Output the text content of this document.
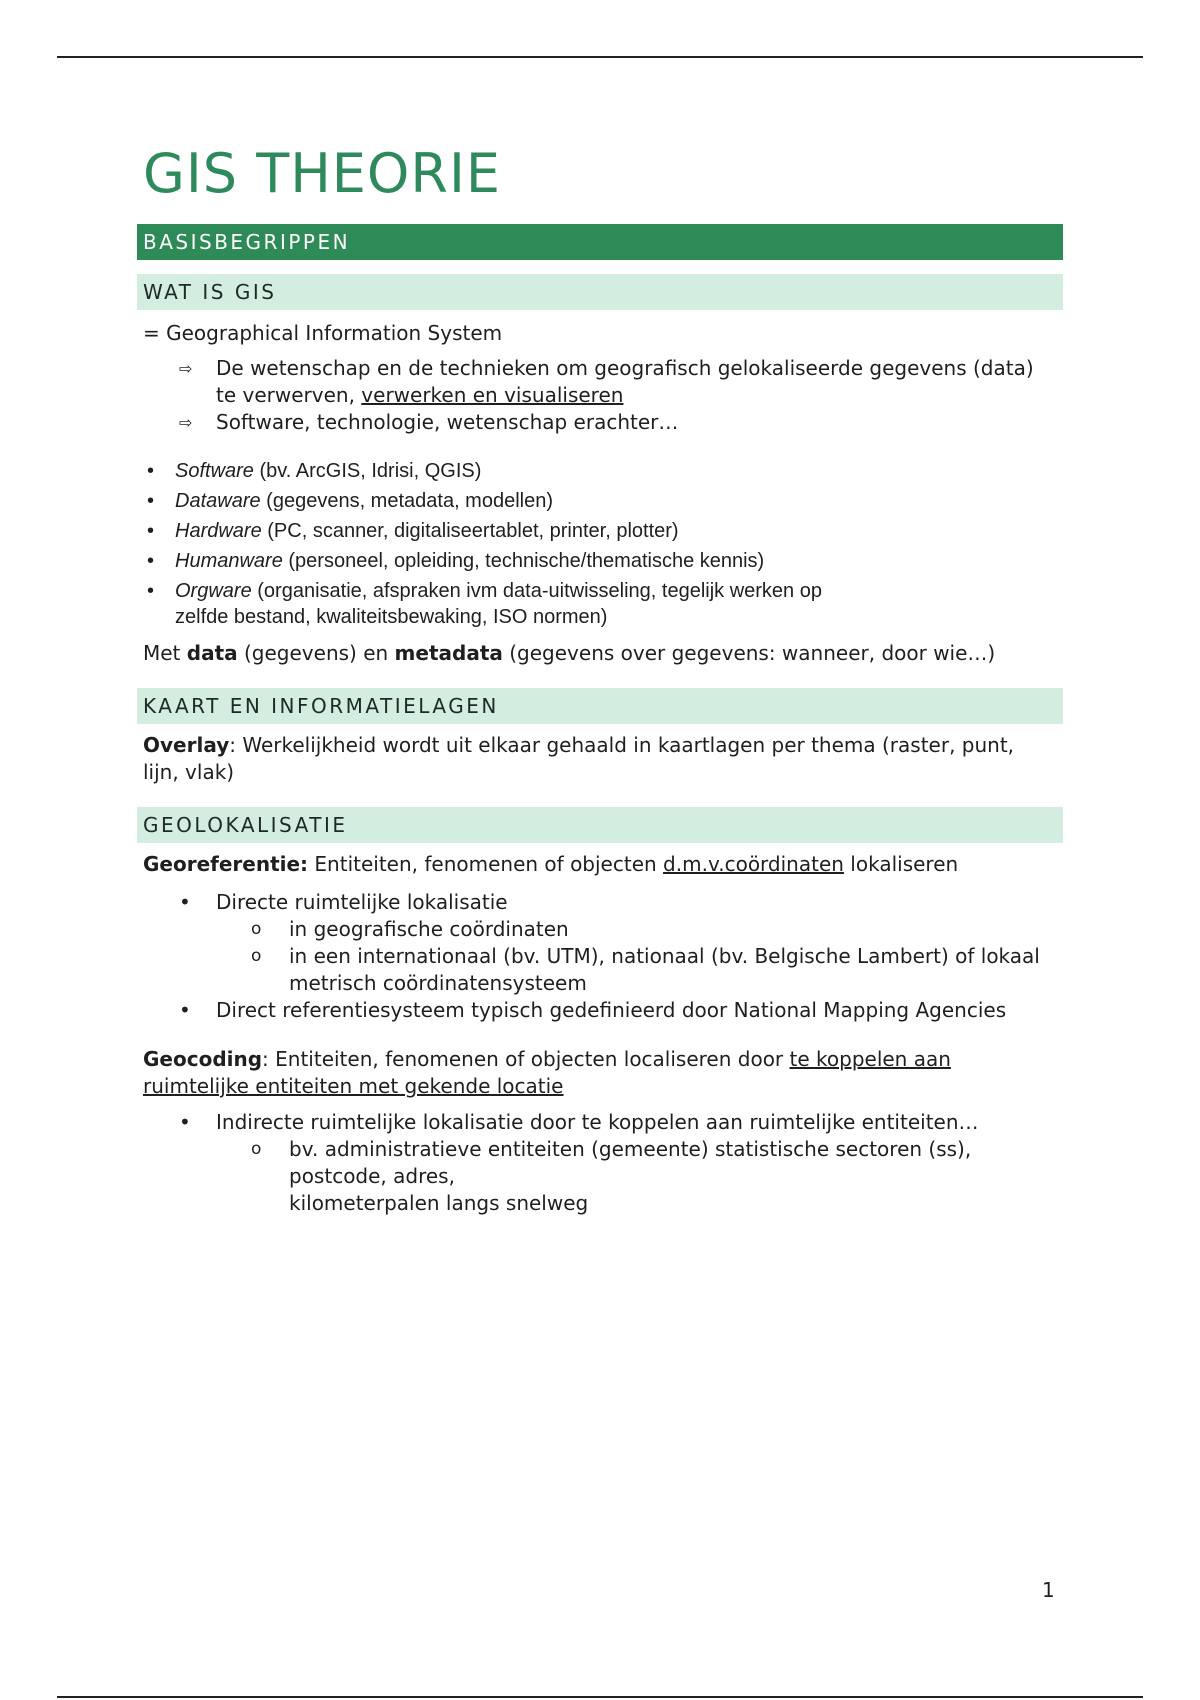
GIS THEORIE
BASISBEGRIPPEN
WAT IS GIS
= Geographical Information System
⇨	De wetenschap en de technieken om geografisch gelokaliseerde gegevens (data)
te verwerven, verwerken en visualiseren
⇨	Software, technologie, wetenschap erachter…
•	Software (bv. ArcGIS, Idrisi, QGIS)
•	Dataware (gegevens, metadata, modellen)
•	Hardware (PC, scanner, digitaliseertablet, printer, plotter)
•	Humanware (personeel, opleiding, technische/thematische kennis)
•	Orgware (organisatie, afspraken ivm data-uitwisseling, tegelijk werken op
zelfde bestand, kwaliteitsbewaking, ISO normen)
Met data (gegevens) en metadata (gegevens over gegevens: wanneer, door wie…)
KAART EN INFORMATIELAGEN
Overlay: Werkelijkheid wordt uit elkaar gehaald in kaartlagen per thema (raster, punt,
lijn, vlak)
GEOLOKALISATIE
Georeferentie: Entiteiten, fenomenen of objecten d.m.v.coördinaten lokaliseren
•	Directe ruimtelijke lokalisatie
o	in geografische coördinaten
o	in een internationaal (bv. UTM), nationaal (bv. Belgische Lambert) of lokaal
metrisch coördinatensysteem
•	Direct referentiesysteem typisch gedefinieerd door National Mapping Agencies
Geocoding: Entiteiten, fenomenen of objecten localiseren door te koppelen aan
ruimtelijke entiteiten met gekende locatie
•	Indirecte ruimtelijke lokalisatie door te koppelen aan ruimtelijke entiteiten…
o	bv. administratieve entiteiten (gemeente) statistische sectoren (ss),
postcode, adres,
kilometerpalen langs snelweg
1
